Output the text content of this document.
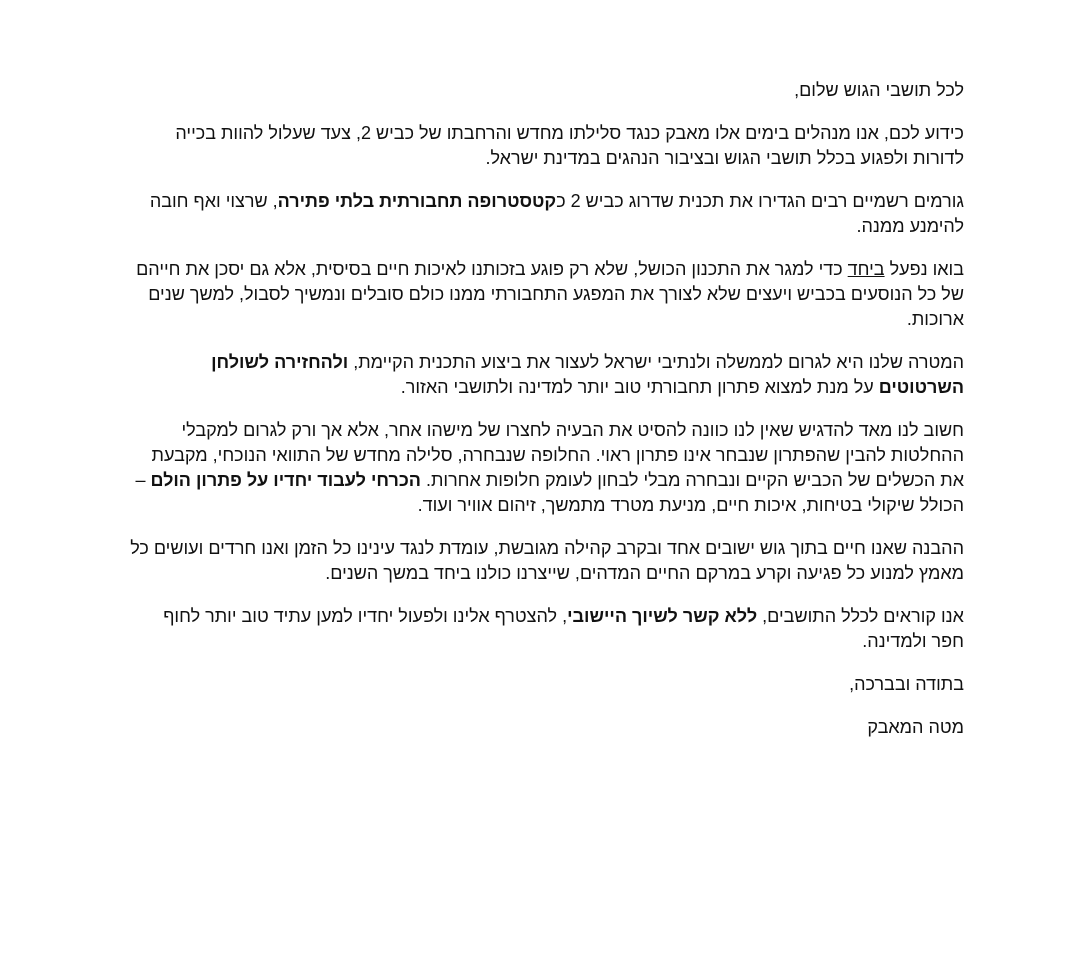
לכל תושבי הגוש שלום,

כידוע לכם, אנו מנהלים בימים אלו מאבק כנגד סלילתו מחדש והרחבתו של כביש 2, צעד שעלול להוות בכייה לדורות ולפגוע בכלל תושבי הגוש ובציבור הנהגים במדינת ישראל.

גורמים רשמיים רבים הגדירו את תכנית שדרוג כביש 2 כקטסטרופה תחבורתית בלתי פתירה, שרצוי ואף חובה להימנע ממנה.

בואו נפעל ביחד כדי למגר את התכנון הכושל, שלא רק פוגע בזכותנו לאיכות חיים בסיסית, אלא גם יסכן את חייהם של כל הנוסעים בכביש ויעצים שלא לצורך את המפגע התחבורתי ממנו כולם סובלים ונמשיך לסבול, למשך שנים ארוכות.

המטרה שלנו היא לגרום לממשלה ולנתיבי ישראל לעצור את ביצוע התכנית הקיימת, ולהחזירה לשולחן השרטוטים על מנת למצוא פתרון תחבורתי טוב יותר למדינה ולתושבי האזור.

חשוב לנו מאד להדגיש שאין לנו כוונה להסיט את הבעיה לחצרו של מישהו אחר, אלא אך ורק לגרום למקבלי ההחלטות להבין שהפתרון שנבחר אינו פתרון ראוי. החלופה שנבחרה, סלילה מחדש של התוואי הנוכחי, מקבעת את הכשלים של הכביש הקיים ונבחרה מבלי לבחון לעומק חלופות אחרות. הכרחי לעבוד יחדיו על פתרון הולם – הכולל שיקולי בטיחות, איכות חיים, מניעת מטרד מתמשך, זיהום אוויר ועוד.

ההבנה שאנו חיים בתוך גוש ישובים אחד ובקרב קהילה מגובשת, עומדת לנגד עינינו כל הזמן ואנו חרדים ועושים כל מאמץ למנוע כל פגיעה וקרע במרקם החיים המדהים, שייצרנו כולנו ביחד במשך השנים.

אנו קוראים לכלל התושבים, ללא קשר לשיוך היישובי, להצטרף אלינו ולפעול יחדיו למען עתיד טוב יותר לחוף חפר ולמדינה.

בתודה ובברכה,

מטה המאבק
